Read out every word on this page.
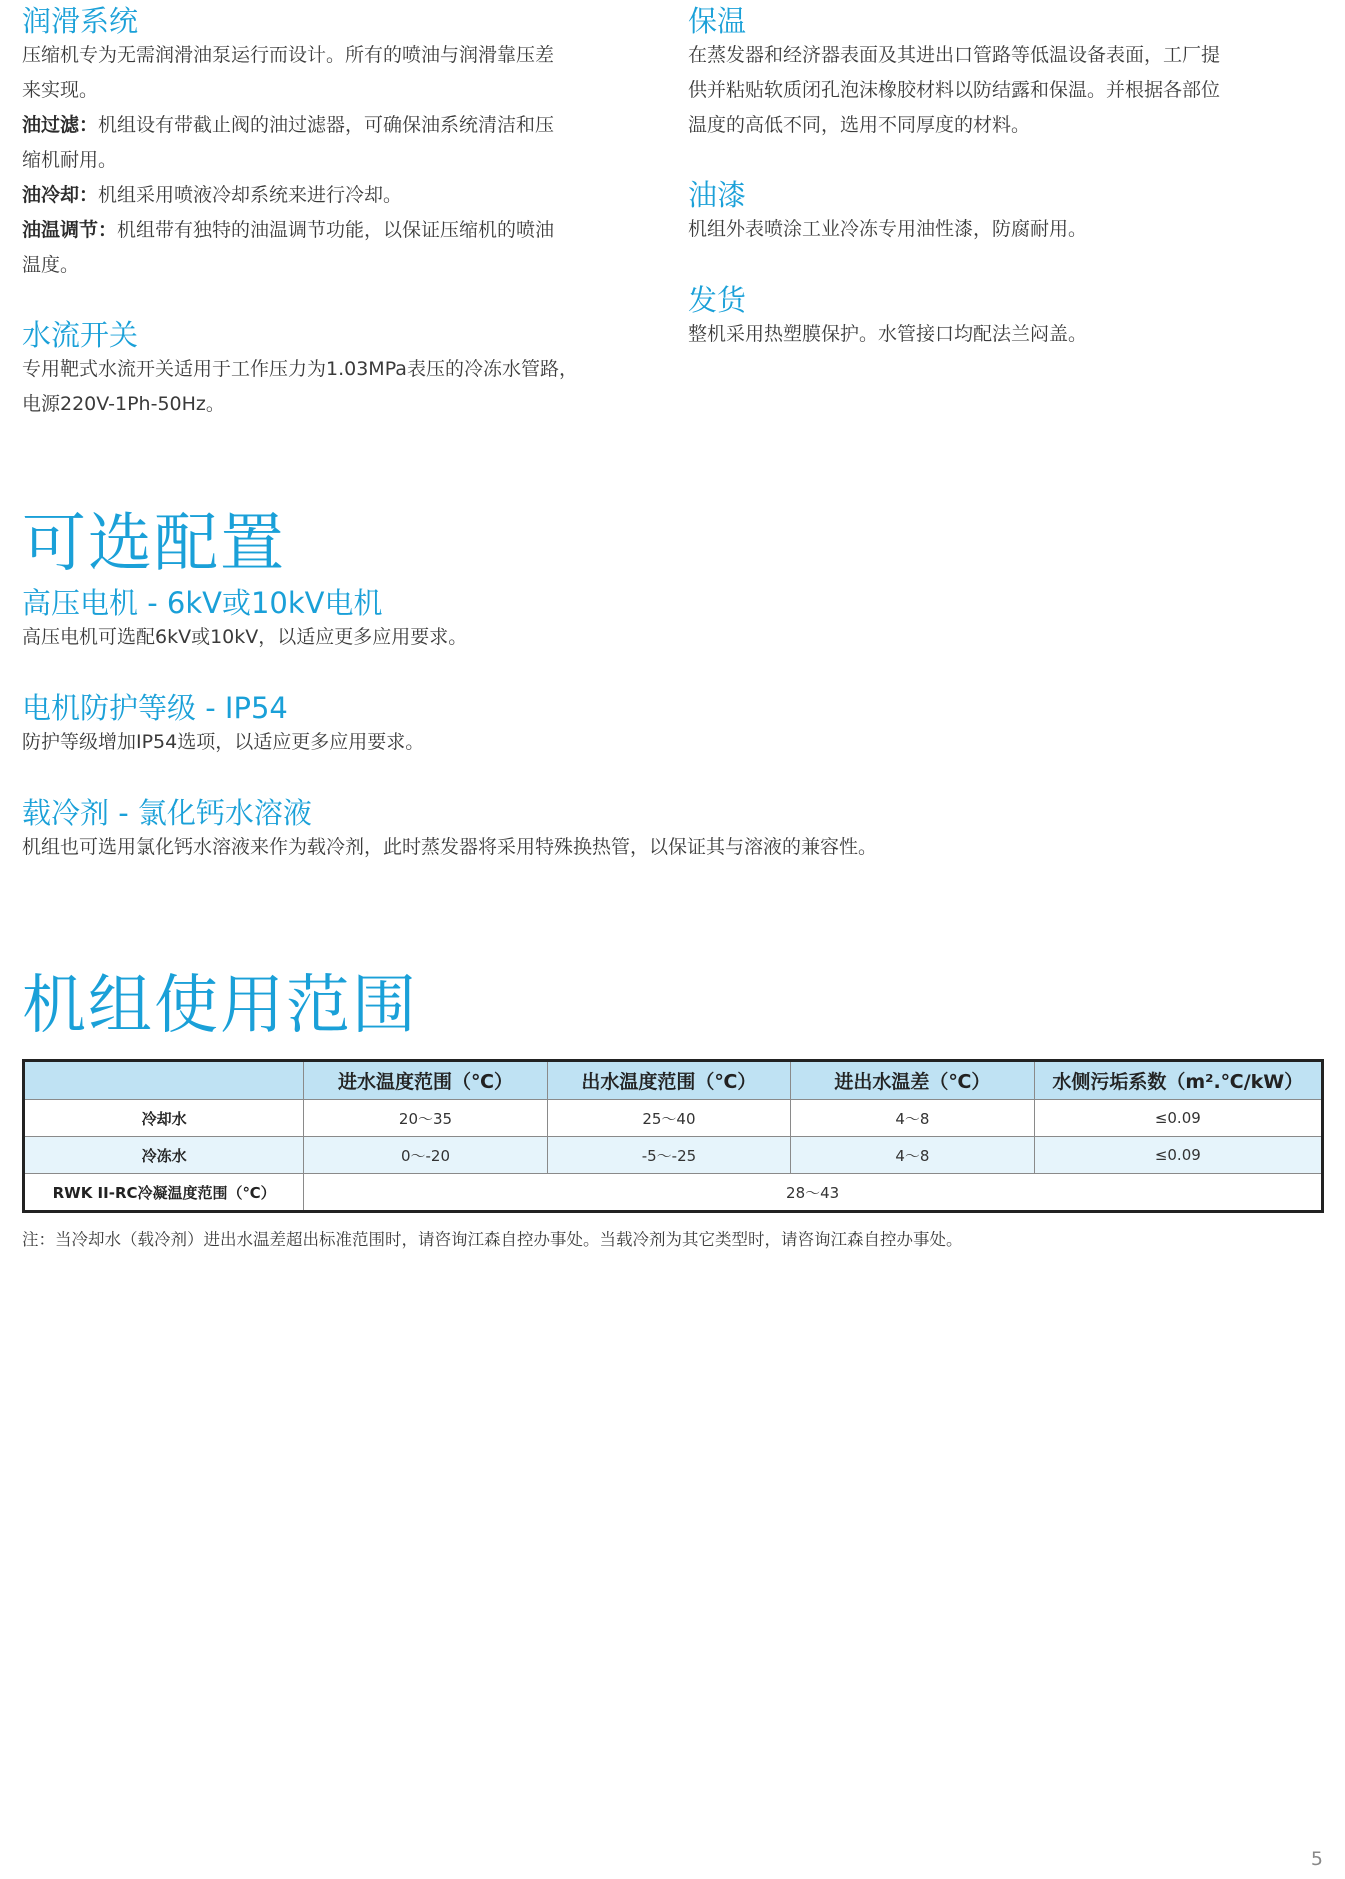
润滑系统

压缩机专为无需润滑油泵运行而设计。所有的喷油与润滑靠压差

来实现。

油过滤：机组设有带截止阀的油过滤器，可确保油系统清洁和压

缩机耐用。

油冷却：机组采用喷液冷却系统来进行冷却。

油温调节：机组带有独特的油温调节功能，以保证压缩机的喷油

温度。

水流开关

专用靶式水流开关适用于工作压力为1.03MPa表压的冷冻水管路，

电源220V-1Ph-50Hz。

保温

在蒸发器和经济器表面及其进出口管路等低温设备表面，工厂提

供并粘贴软质闭孔泡沫橡胶材料以防结露和保温。并根据各部位

温度的高低不同，选用不同厚度的材料。

油漆

机组外表喷涂工业冷冻专用油性漆，防腐耐用。

发货

整机采用热塑膜保护。水管接口均配法兰闷盖。

可选配置
高压电机 - 6kV或10kV电机

高压电机可选配6kV或10kV，以适应更多应用要求。

电机防护等级 - IP54

防护等级增加IP54选项，以适应更多应用要求。

载冷剂 - 氯化钙水溶液

机组也可选用氯化钙水溶液来作为载冷剂，此时蒸发器将采用特殊换热管，以保证其与溶液的兼容性。

机组使用范围
	进水温度范围（℃）	出水温度范围（℃）	进出水温差（℃）	水侧污垢系数（m².℃/kW）
冷却水	20～35	25～40	4～8	≤0.09
冷冻水	0～-20	-5～-25	4～8	≤0.09
RWK II-RC冷凝温度范围（℃）	28～43			

注：当冷却水（载冷剂）进出水温差超出标准范围时，请咨询江森自控办事处。当载冷剂为其它类型时，请咨询江森自控办事处。

5
